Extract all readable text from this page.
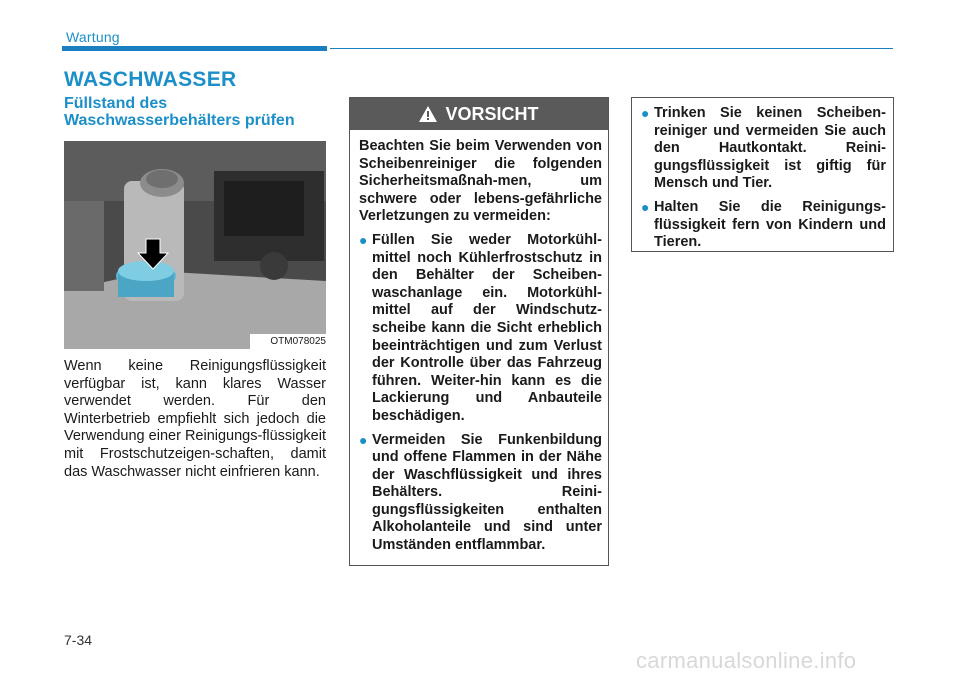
Wartung
WASCHWASSER
Füllstand des Waschwasserbehälters prüfen
OTM078025
Wenn keine Reinigungsflüssigkeit verfügbar ist, kann klares Wasser verwendet werden. Für den Winterbetrieb empfiehlt sich jedoch die Verwendung einer Reinigungs-flüssigkeit mit Frostschutzeigen-schaften, damit das Waschwasser nicht einfrieren kann.
VORSICHT
Beachten Sie beim Verwenden von Scheibenreiniger die folgenden Sicherheitsmaßnah-men, um schwere oder lebens-gefährliche Verletzungen zu vermeiden:
● Füllen Sie weder Motorkühl-mittel noch Kühlerfrostschutz in den Behälter der Scheiben-waschanlage ein. Motorkühl-mittel auf der Windschutz-scheibe kann die Sicht erheblich beeinträchtigen und zum Verlust der Kontrolle über das Fahrzeug führen. Weiter-hin kann es die Lackierung und Anbauteile beschädigen.
● Vermeiden Sie Funkenbildung und offene Flammen in der Nähe der Waschflüssigkeit und ihres Behälters. Reini-gungsflüssigkeiten enthalten Alkoholanteile und sind unter Umständen entflammbar.
● Trinken Sie keinen Scheiben-reiniger und vermeiden Sie auch den Hautkontakt. Reini-gungsflüssigkeit ist giftig für Mensch und Tier.
● Halten Sie die Reinigungs-flüssigkeit fern von Kindern und Tieren.
7-34
carmanualsonline.info
